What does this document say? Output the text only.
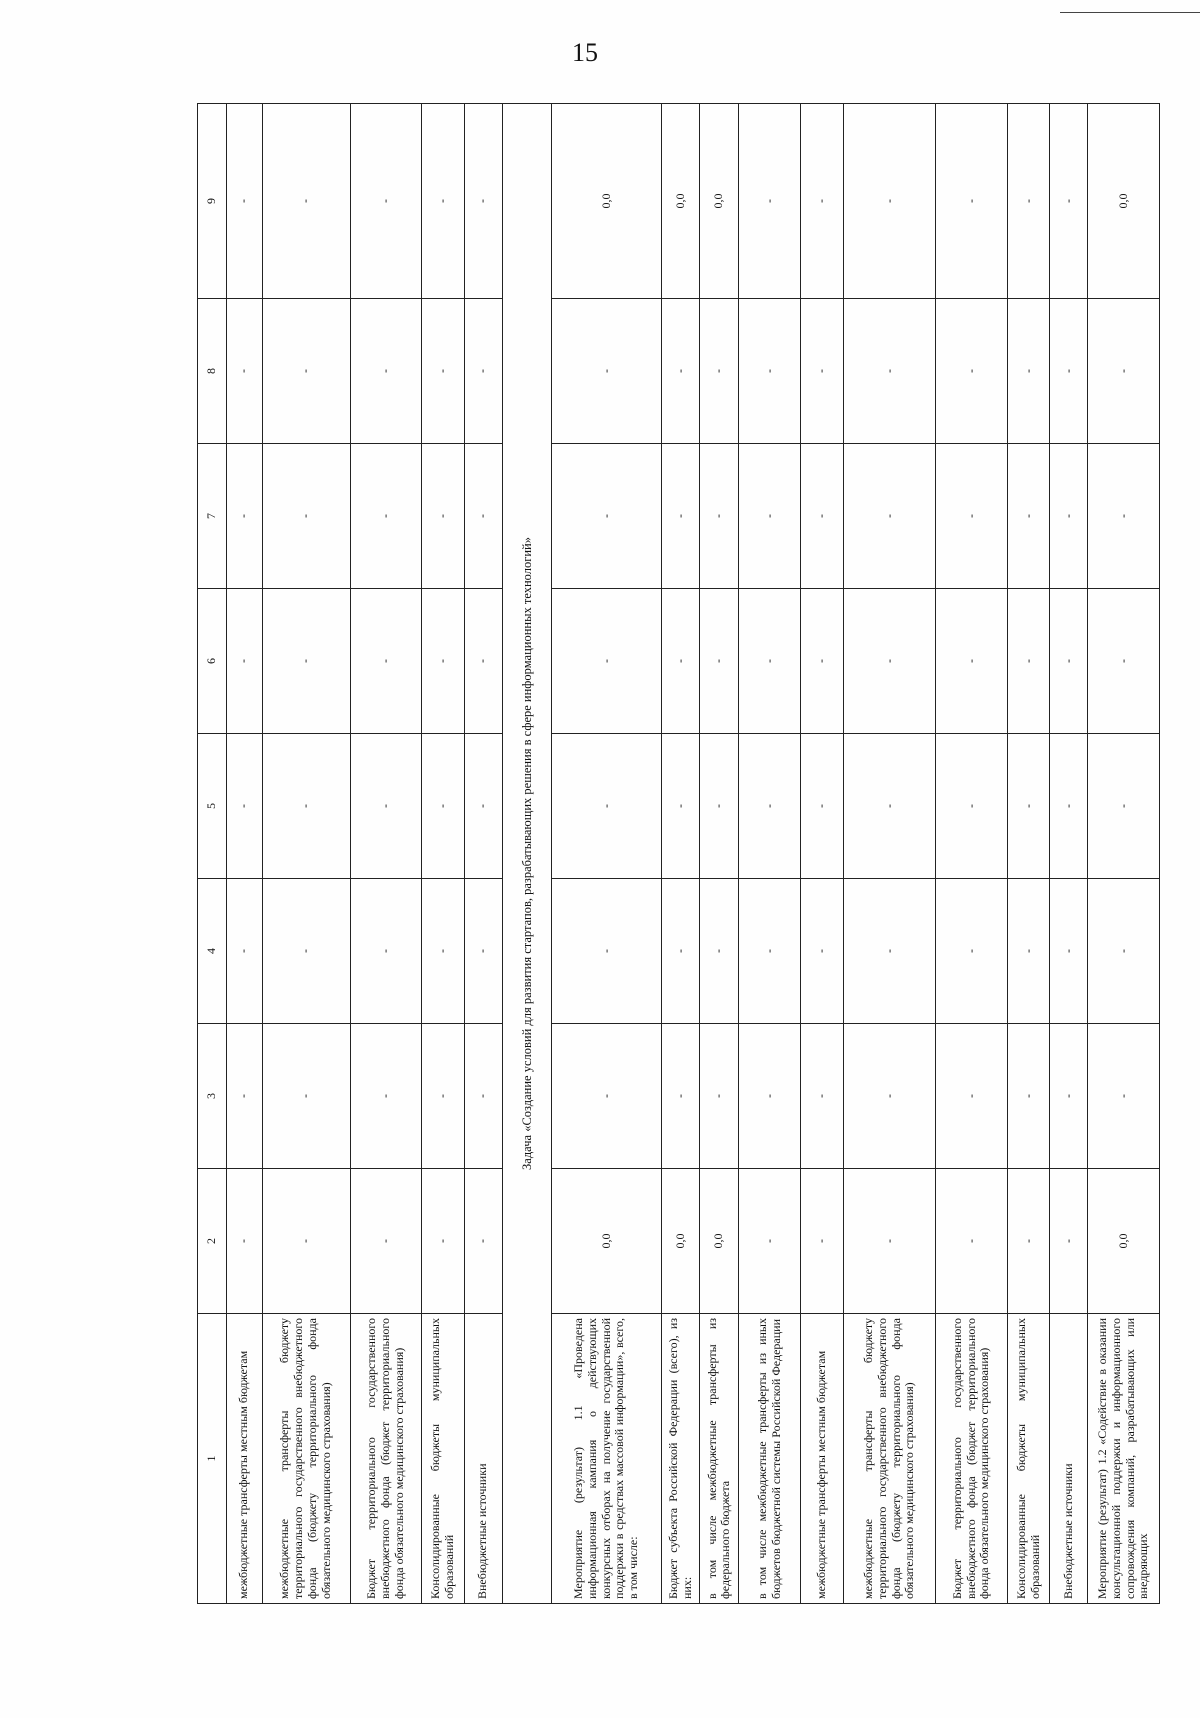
15
1	2	3	4	5	6	7	8	9
межбюджетные трансферты местным бюджетам	-	-	-	-	-	-	-	-
межбюджетные трансферты бюджету территориального государственного внебюджетного фонда (бюджету территориального фонда обязательного медицинского страхования)	-	-	-	-	-	-	-	-
Бюджет территориального государственного внебюджетного фонда (бюджет территориального фонда обязательного медицинского страхования)	-	-	-	-	-	-	-	-
Консолидированные бюджеты муниципальных образований	-	-	-	-	-	-	-	-
Внебюджетные источники	-	-	-	-	-	-	-	-
Задача «Создание условий для развития стартапов, разрабатывающих решения в сфере информационных технологий»								
Мероприятие (результат) 1.1 «Проведена информационная кампания о действующих конкурсных отборах на получение государственной поддержки в средствах массовой информации», всего, в том числе:	0,0	-	-	-	-	-	-	0,0
Бюджет субъекта Российской Федерации (всего), из них:	0,0	-	-	-	-	-	-	0,0
в том числе межбюджетные трансферты из федерального бюджета	0,0	-	-	-	-	-	-	0,0
в том числе межбюджетные трансферты из иных бюджетов бюджетной системы Российской Федерации	-	-	-	-	-	-	-	-
межбюджетные трансферты местным бюджетам	-	-	-	-	-	-	-	-
межбюджетные трансферты бюджету территориального государственного внебюджетного фонда (бюджету территориального фонда обязательного медицинского страхования)	-	-	-	-	-	-	-	-
Бюджет территориального государственного внебюджетного фонда (бюджет территориального фонда обязательного медицинского страхования)	-	-	-	-	-	-	-	-
Консолидированные бюджеты муниципальных образований	-	-	-	-	-	-	-	-
Внебюджетные источники	-	-	-	-	-	-	-	-
Мероприятие (результат) 1.2 «Содействие в оказании консультационной поддержки и информационного сопровождения компаний, разрабатывающих или внедряющих	0,0	-	-	-	-	-	-	0,0
